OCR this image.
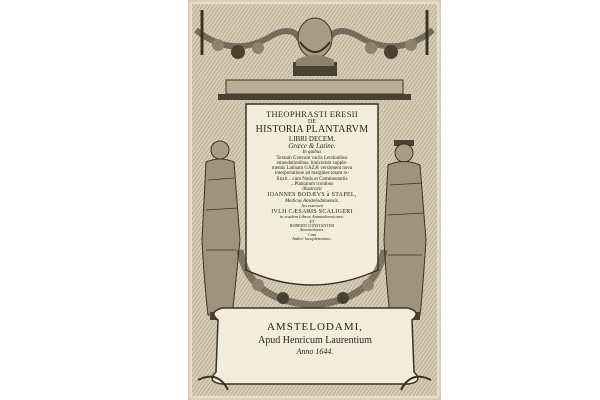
THEOPHRASTI ERESII
DE
HISTORIA PLANTARVM
LIBRI DECEM,
Græce & Latine.
In quibus
Textum Græcum variis Lectionibus
emendationibus, hiulcorum supple-
mentis Latinam GAZÆ versionem nova
interpretatione ad margines totam re-
finxit... cum Notis et Commentariis
...Plantarum iconibus
illustravit
IOANNES BODÆVS à STAPEL,
Medicus Amstelodamensis.
Accesserunt
IVLII CÆSARIS SCALIGERI
in eosdem Libros Animadversiones:
ET
ROBERTI CONSTANTINI
Annotationes.
Cum
Indice locupletissimo.
AMSTELODAMI,
Apud Henricum Laurentium
Anno 1644.
